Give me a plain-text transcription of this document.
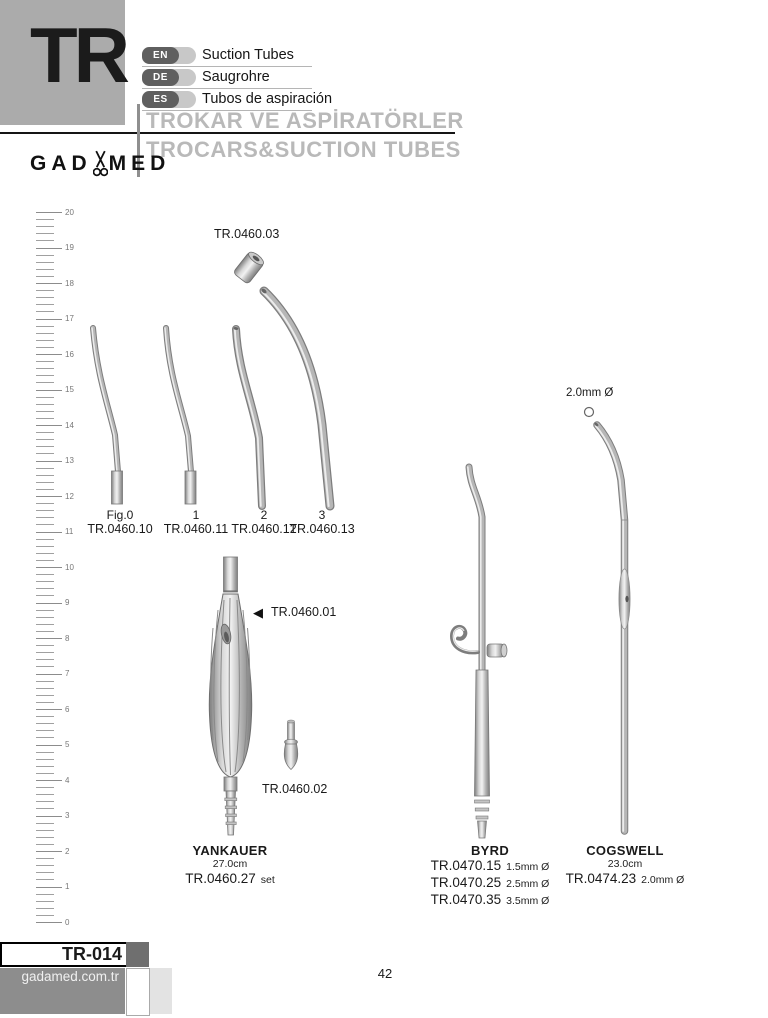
TR	EN	Suction Tubes
DE	Saugrohre
ES	Tubos de aspiración
TROKAR VE ASPİRATÖRLER
TROCARS&SUCTION TUBES
GAD MED
20
19
18
17
16
15
14
13
12
11
10
9
8
7
6
5
4
3
2
1
0
TR.0460.03
Fig.0
TR.0460.10
1
TR.0460.11
2
TR.0460.12
3
TR.0460.13
◀ TR.0460.01
TR.0460.02
YANKAUER
27.0cm
TR.0460.27 set
BYRD
TR.0470.15 1.5mm Ø
TR.0470.25 2.5mm Ø
TR.0470.35 3.5mm Ø
COGSWELL
23.0cm
TR.0474.23 2.0mm Ø
2.0mm Ø
TR-014
gadamed.com.tr	42
